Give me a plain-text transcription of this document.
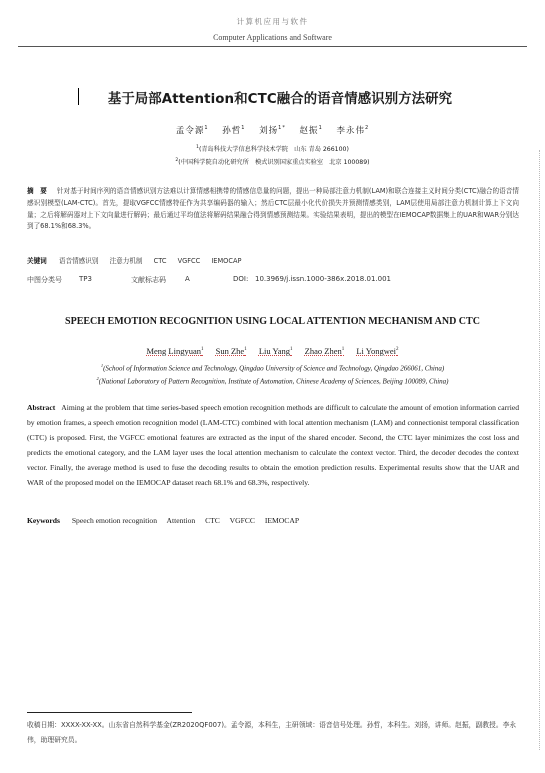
计算机应用与软件
Computer Applications and Software
基于局部Attention和CTC融合的语音情感识别方法研究
孟令源$^1$ 孙哲$^1$ 刘扬$^{1*}$ 赵振$^1$ 李永伟$^2$
$^1$(青岛科技大学信息科学技术学院　山东 青岛 266100)
$^2$(中国科学院自动化研究所　模式识别国家重点实验室　北京 100089)
摘　要 针对基于时间序列的语音情感识别方法难以计算情感相携带的情感信息量的问题，提出一种局部注意力机制(LAM)和联合连接主义时间分类(CTC)融合的语音情感识别模型(LAM-CTC)。首先，提取VGFCC情感特征作为共享编码器的输入；然后CTC层最小化代价损失并预测情感类别，LAM层使用局部注意力机制计算上下文向量；之后将解码器对上下文向量进行解码；最后通过平均值法将解码结果融合得到情感预测结果。实验结果表明，提出的模型在IEMOCAP数据集上的UAR和WAR分别达到了68.1%和68.3%。
关键词 语音情感识别 注意力机制 CTC VGFCC IEMOCAP
中图分类号 TP3	文献标志码	A	DOI: 10.3969/j.issn.1000-386x.2018.01.001
SPEECH EMOTION RECOGNITION USING LOCAL ATTENTION MECHANISM AND CTC
Meng Lingyuan$^1$ Sun Zhe$^1$ Liu Yang$^1$ Zhao Zhen$^1$ Li Yongwei$^2$
$^1$(School of Information Science and Technology, Qingdao University of Science and Technology, Qingdao 266061, China)
$^2$(National Laboratory of Pattern Recognition, Institute of Automation, Chinese Academy of Sciences, Beijing 100089, China)
Abstract Aiming at the problem that time series-based speech emotion recognition methods are difficult to calculate the amount of emotion information carried by emotion frames, a speech emotion recognition model (LAM-CTC) combined with local attention mechanism (LAM) and connectionist temporal classification (CTC) is proposed. First, the VGFCC emotional features are extracted as the input of the shared encoder. Second, the CTC layer minimizes the cost loss and predicts the emotional category, and the LAM layer uses the local attention mechanism to calculate the context vector. Third, the decoder decodes the context vector. Finally, the average method is used to fuse the decoding results to obtain the emotion prediction results. Experimental results show that the UAR and WAR of the proposed model on the IEMOCAP dataset reach 68.1% and 68.3%, respectively.
Keywords Speech emotion recognition Attention CTC VGFCC IEMOCAP
收稿日期：XXXX-XX-XX。山东省自然科学基金(ZR2020QF007)。孟令源，本科生，主研领域：语音信号处理。孙哲，本科生。刘扬，讲师。赵振，副教授。李永伟，助理研究员。
